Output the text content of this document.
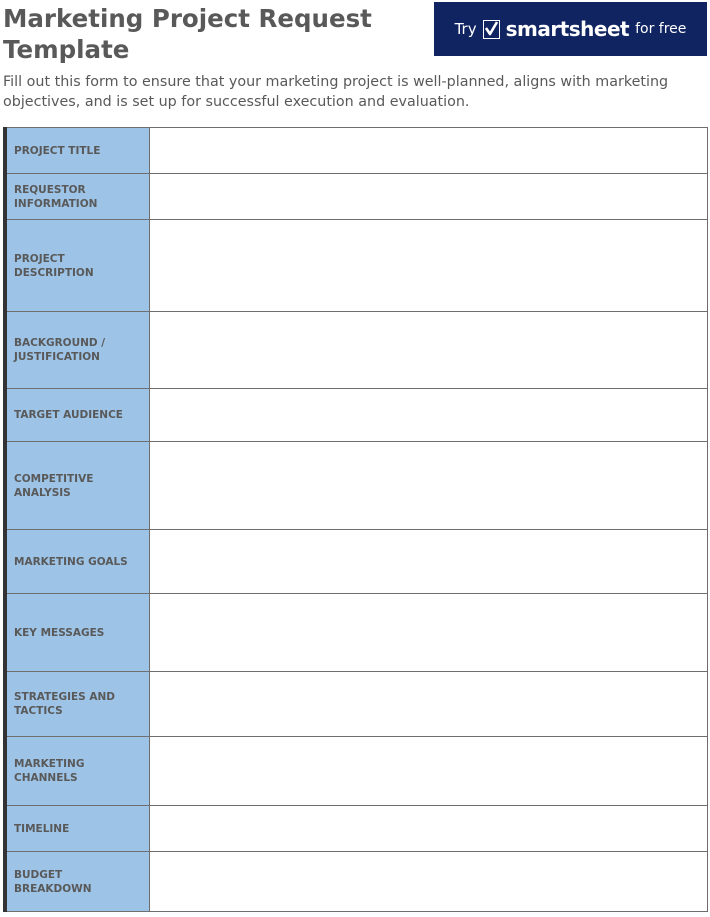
Marketing Project Request Template
Try smartsheet for free

Fill out this form to ensure that your marketing project is well-planned, aligns with marketing objectives, and is set up for successful execution and evaluation.

PROJECT TITLE	

REQUESTOR INFORMATION	

PROJECT DESCRIPTION	

BACKGROUND / JUSTIFICATION	

TARGET AUDIENCE	

COMPETITIVE ANALYSIS	

MARKETING GOALS	

KEY MESSAGES	

STRATEGIES AND TACTICS	

MARKETING CHANNELS	

TIMELINE	

BUDGET BREAKDOWN	
